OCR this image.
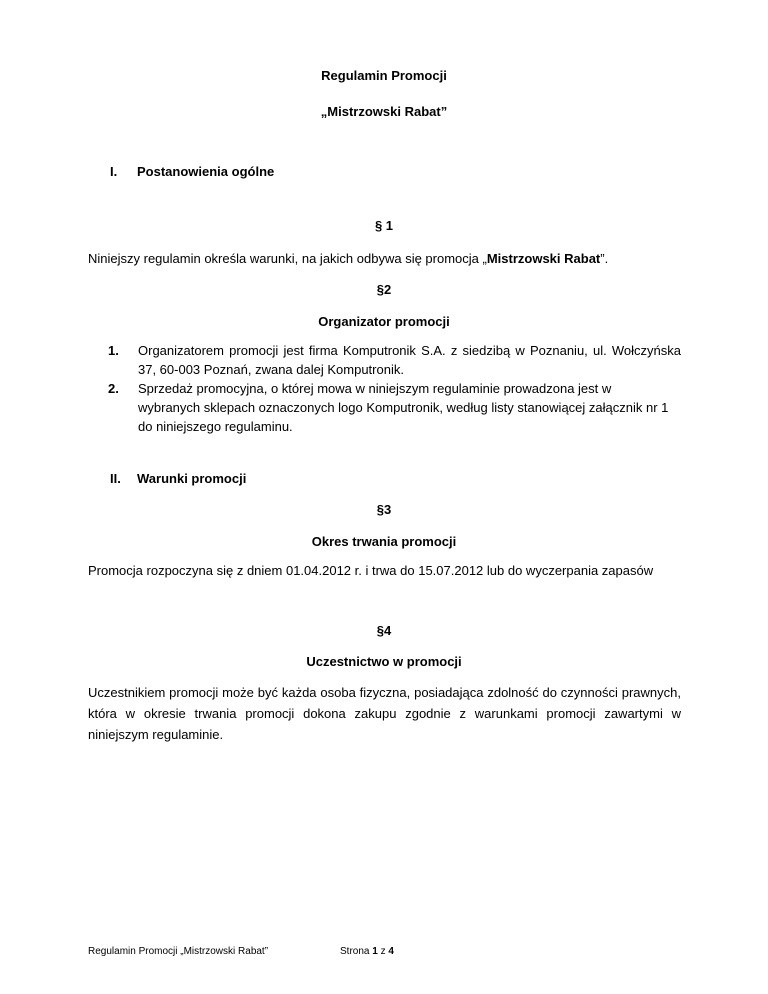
Regulamin Promocji
„Mistrzowski Rabat”
I. Postanowienia ogólne
§ 1
Niniejszy regulamin określa warunki, na jakich odbywa się promocja „Mistrzowski Rabat”.
§2
Organizator promocji
1. Organizatorem promocji jest firma Komputronik S.A. z siedzibą w Poznaniu, ul. Wołczyńska
37, 60-003 Poznań, zwana dalej Komputronik.
2. Sprzedaż promocyjna, o której mowa w niniejszym regulaminie prowadzona jest w
wybranych sklepach oznaczonych logo Komputronik, według listy stanowiącej załącznik nr 1
do niniejszego regulaminu.
II. Warunki promocji
§3
Okres trwania promocji
Promocja rozpoczyna się z dniem 01.04.2012 r. i trwa do 15.07.2012 lub do wyczerpania zapasów
§4
Uczestnictwo w promocji
Uczestnikiem promocji może być każda osoba fizyczna, posiadająca zdolność do czynności prawnych,
która w okresie trwania promocji dokona zakupu zgodnie z warunkami promocji zawartymi w
niniejszym regulaminie.
Regulamin Promocji „Mistrzowski Rabat”	Strona 1 z 4
